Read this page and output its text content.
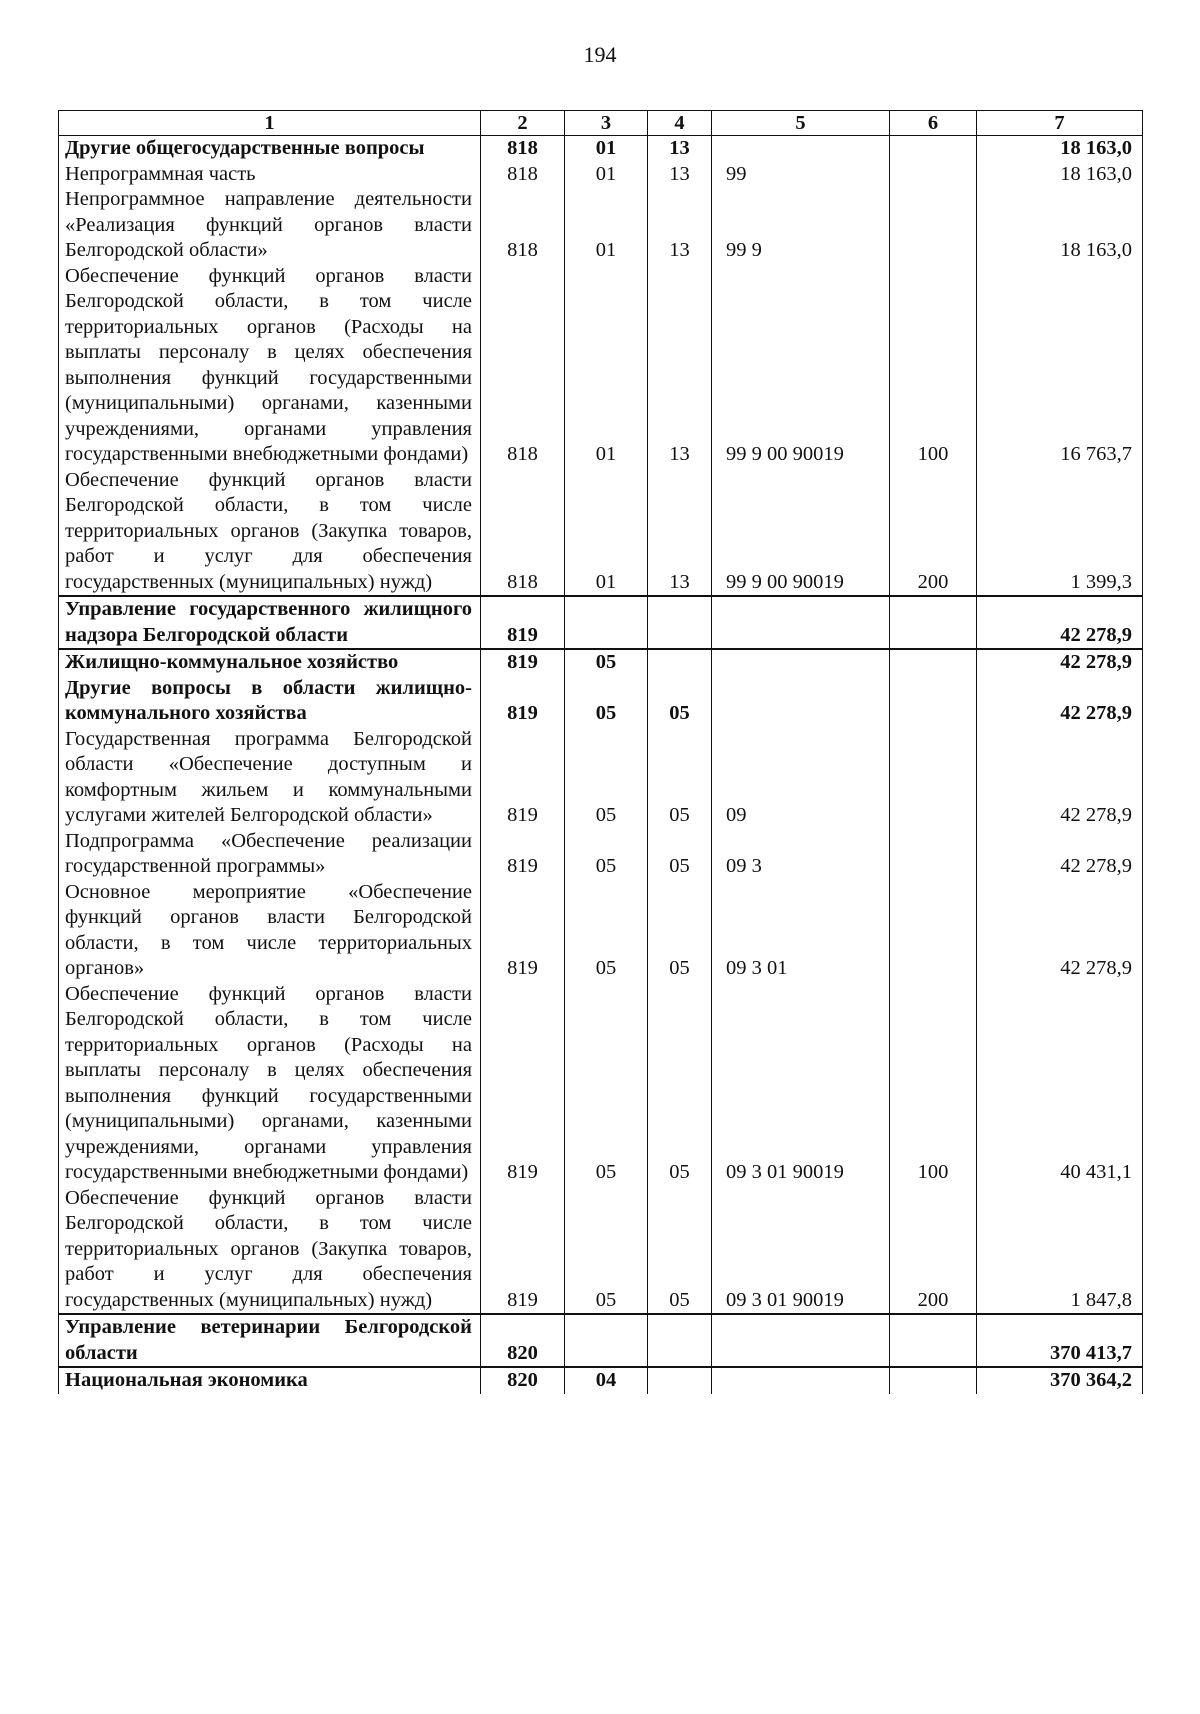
194
1	2	3	4	5	6	7
Другие общегосударственные вопросы	818	01	13			18 163,0
Непрограммная часть	818	01	13	99		18 163,0
Непрограммное направление деятельности «Реализация функций органов власти Белгородской области»	818	01	13	99 9		18 163,0
Обеспечение функций органов власти Белгородской области, в том числе территориальных органов (Расходы на выплаты персоналу в целях обеспечения выполнения функций государственными (муниципальными) органами, казенными учреждениями, органами управления государственными внебюджетными фондами)	818	01	13	99 9 00 90019	100	16 763,7
Обеспечение функций органов власти Белгородской области, в том числе территориальных органов (Закупка товаров, работ и услуг для обеспечения государственных (муниципальных) нужд)	818	01	13	99 9 00 90019	200	1 399,3
Управление государственного жилищного надзора Белгородской области	819					42 278,9
Жилищно-коммунальное хозяйство	819	05				42 278,9
Другие вопросы в области жилищно-коммунального хозяйства	819	05	05			42 278,9
Государственная программа Белгородской области «Обеспечение доступным и комфортным жильем и коммунальными услугами жителей Белгородской области»	819	05	05	09		42 278,9
Подпрограмма «Обеспечение реализации государственной программы»	819	05	05	09 3		42 278,9
Основное мероприятие «Обеспечение функций органов власти Белгородской области, в том числе территориальных органов»	819	05	05	09 3 01		42 278,9
Обеспечение функций органов власти Белгородской области, в том числе территориальных органов (Расходы на выплаты персоналу в целях обеспечения выполнения функций государственными (муниципальными) органами, казенными учреждениями, органами управления государственными внебюджетными фондами)	819	05	05	09 3 01 90019	100	40 431,1
Обеспечение функций органов власти Белгородской области, в том числе территориальных органов (Закупка товаров, работ и услуг для обеспечения государственных (муниципальных) нужд)	819	05	05	09 3 01 90019	200	1 847,8
Управление ветеринарии Белгородской области	820					370 413,7
Национальная экономика	820	04				370 364,2
